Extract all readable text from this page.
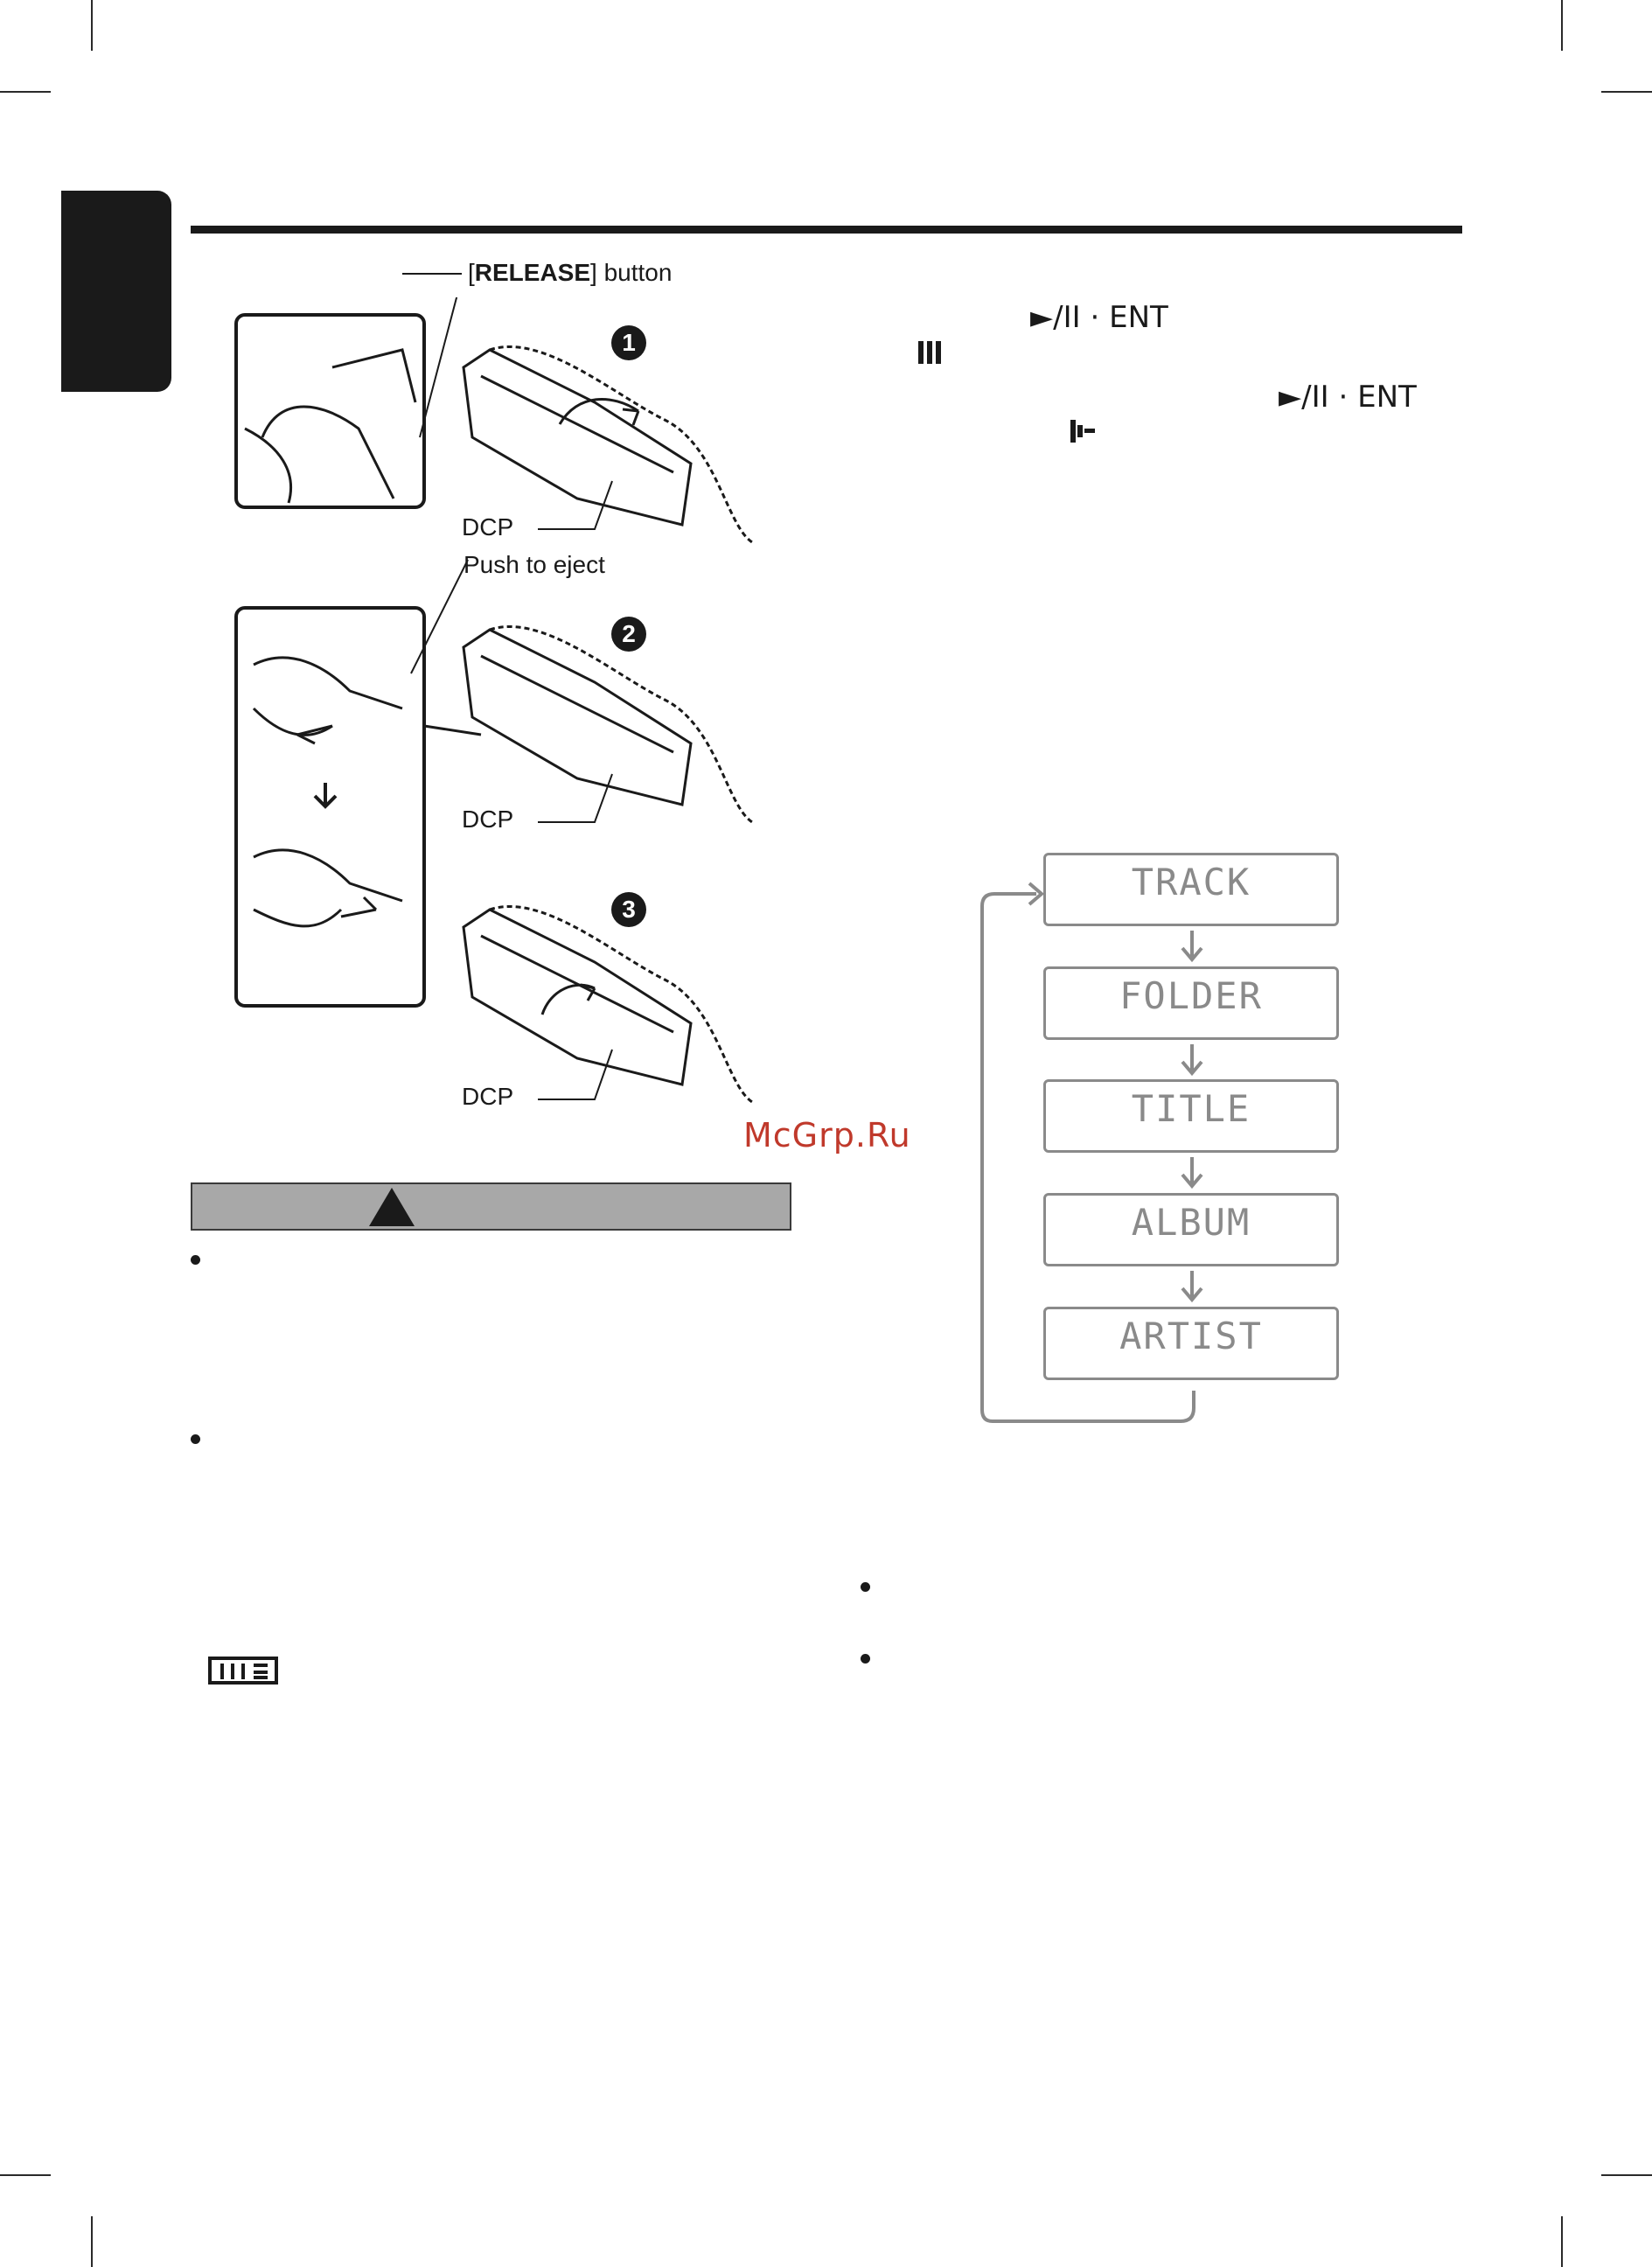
[RELEASE] button
1
2
3
DCP
Push to eject
DCP
DCP
McGrp.Ru
►/II · ENT
►/II · ENT
TRACK
FOLDER
TITLE
ALBUM
ARTIST
